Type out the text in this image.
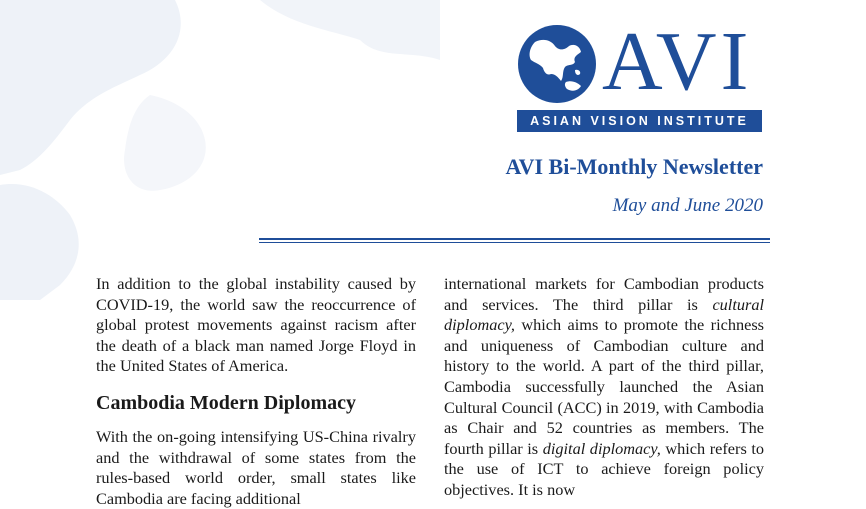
AVI
ASIAN VISION INSTITUTE
AVI Bi-Monthly Newsletter
May and June 2020

In addition to the global instability caused by COVID-19, the world saw the reoccurrence of global protest movements against racism after the death of a black man named Jorge Floyd in the United States of America.

Cambodia Modern Diplomacy

With the on-going intensifying US-China rivalry and the withdrawal of some states from the rules-based world order, small states like Cambodia are facing additional

international markets for Cambodian products and services. The third pillar is cultural diplomacy, which aims to promote the richness and uniqueness of Cambodian culture and history to the world. A part of the third pillar, Cambodia successfully launched the Asian Cultural Council (ACC) in 2019, with Cambodia as Chair and 52 countries as members. The fourth pillar is digital diplomacy, which refers to the use of ICT to achieve foreign policy objectives. It is now
